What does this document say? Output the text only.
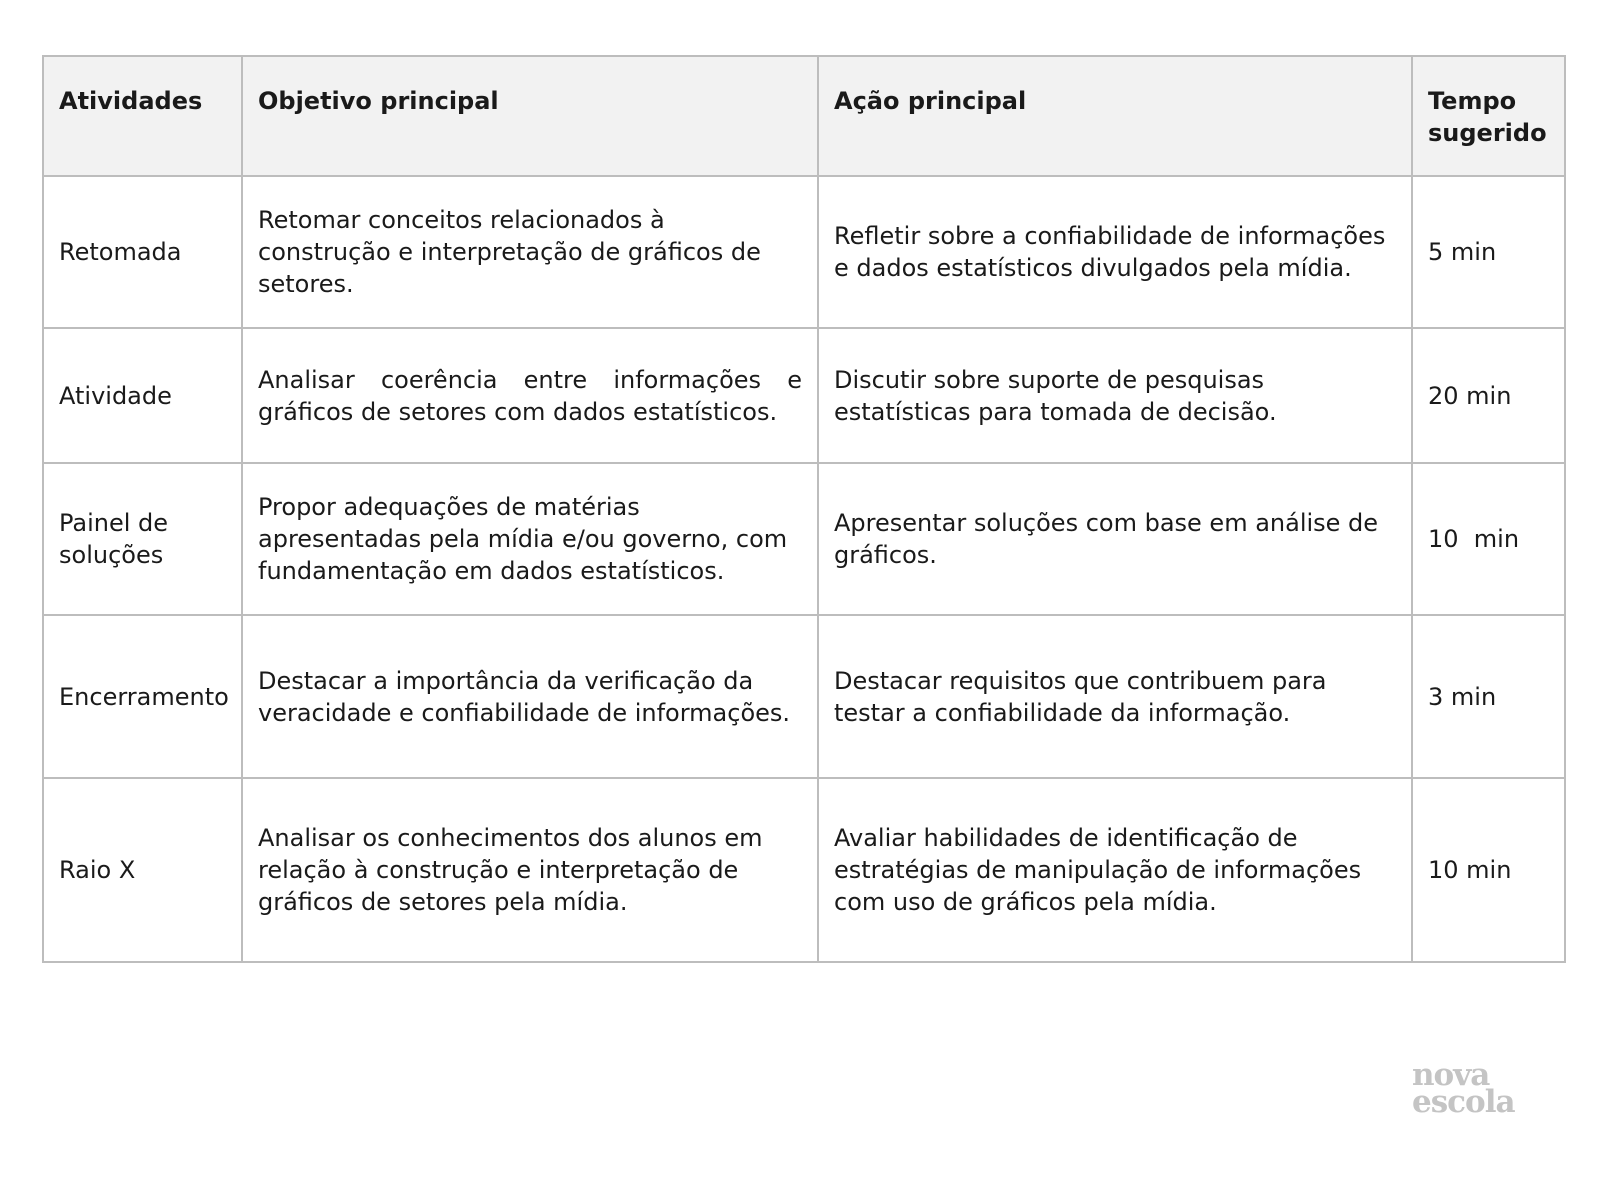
Atividades	Objetivo principal	Ação principal	Tempo sugerido
Retomada	Retomar conceitos relacionados à construção e interpretação de gráficos de setores.	Refletir sobre a confiabilidade de informações e dados estatísticos divulgados pela mídia.	5 min
Atividade	Analisar coerência entre informações e gráficos de setores com dados estatísticos.	Discutir sobre suporte de pesquisas estatísticas para tomada de decisão.	20 min
Painel de soluções	Propor adequações de matérias apresentadas pela mídia e/ou governo, com fundamentação em dados estatísticos.	Apresentar soluções com base em análise de gráficos.	10  min
Encerramento	Destacar a importância da verificação da veracidade e confiabilidade de informações.	Destacar requisitos que contribuem para testar a confiabilidade da informação.	3 min
Raio X	Analisar os conhecimentos dos alunos em relação à construção e interpretação de gráficos de setores pela mídia.	Avaliar habilidades de identificação de estratégias de manipulação de informações com uso de gráficos pela mídia.	10 min
nova
escola
